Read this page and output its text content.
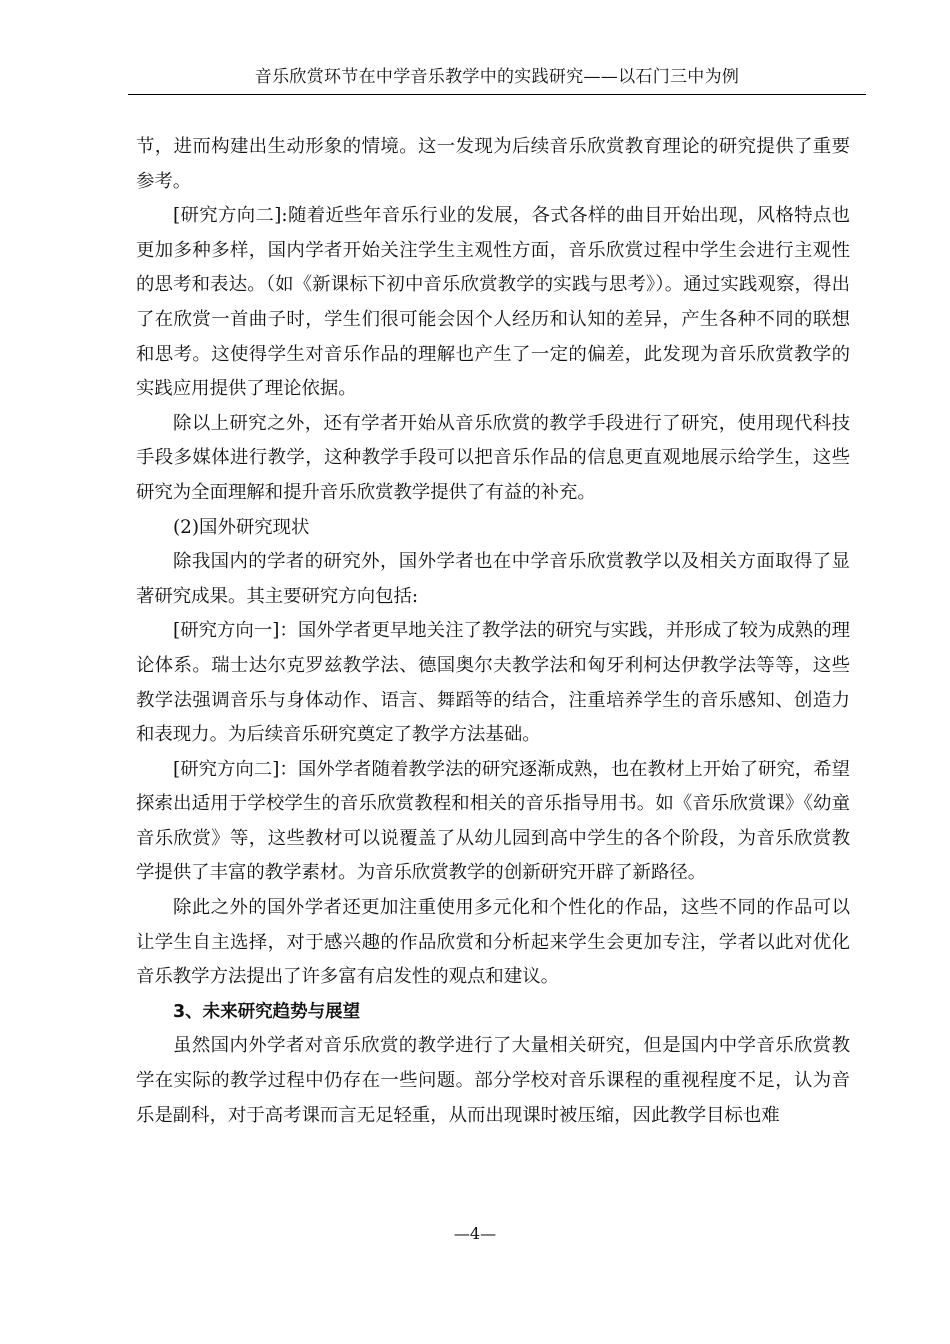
音乐欣赏环节在中学音乐教学中的实践研究——以石门三中为例

节，进而构建出生动形象的情境。这一发现为后续音乐欣赏教育理论的研究提供了重要参考。

[研究方向二]:随着近些年音乐行业的发展，各式各样的曲目开始出现，风格特点也更加多种多样，国内学者开始关注学生主观性方面，音乐欣赏过程中学生会进行主观性的思考和表达。（如《新课标下初中音乐欣赏教学的实践与思考》）。通过实践观察，得出了在欣赏一首曲子时，学生们很可能会因个人经历和认知的差异，产生各种不同的联想和思考。这使得学生对音乐作品的理解也产生了一定的偏差，此发现为音乐欣赏教学的实践应用提供了理论依据。

除以上研究之外，还有学者开始从音乐欣赏的教学手段进行了研究，使用现代科技手段多媒体进行教学，这种教学手段可以把音乐作品的信息更直观地展示给学生，这些研究为全面理解和提升音乐欣赏教学提供了有益的补充。

(2)国外研究现状

除我国内的学者的研究外，国外学者也在中学音乐欣赏教学以及相关方面取得了显著研究成果。其主要研究方向包括:

[研究方向一]：国外学者更早地关注了教学法的研究与实践，并形成了较为成熟的理论体系。瑞士达尔克罗兹教学法、德国奥尔夫教学法和匈牙利柯达伊教学法等等，这些教学法强调音乐与身体动作、语言、舞蹈等的结合，注重培养学生的音乐感知、创造力和表现力。为后续音乐研究奠定了教学方法基础。

[研究方向二]：国外学者随着教学法的研究逐渐成熟，也在教材上开始了研究，希望探索出适用于学校学生的音乐欣赏教程和相关的音乐指导用书。如《音乐欣赏课》《幼童音乐欣赏》等，这些教材可以说覆盖了从幼儿园到高中学生的各个阶段，为音乐欣赏教学提供了丰富的教学素材。为音乐欣赏教学的创新研究开辟了新路径。

除此之外的国外学者还更加注重使用多元化和个性化的作品，这些不同的作品可以让学生自主选择，对于感兴趣的作品欣赏和分析起来学生会更加专注，学者以此对优化音乐教学方法提出了许多富有启发性的观点和建议。

3、未来研究趋势与展望

虽然国内外学者对音乐欣赏的教学进行了大量相关研究，但是国内中学音乐欣赏教学在实际的教学过程中仍存在一些问题。部分学校对音乐课程的重视程度不足，认为音乐是副科，对于高考课而言无足轻重，从而出现课时被压缩，因此教学目标也难

—4—
